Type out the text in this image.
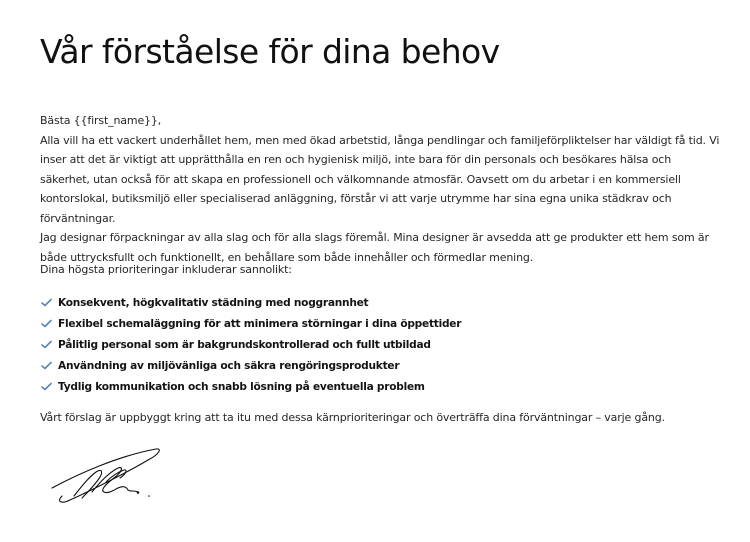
Vår förståelse för dina behov

Bästa {{first_name}},

Alla vill ha ett vackert underhållet hem, men med ökad arbetstid, långa pendlingar och familjeförpliktelser har väldigt få tid. Vi inser att det är viktigt att upprätthålla en ren och hygienisk miljö, inte bara för din personals och besökares hälsa och säkerhet, utan också för att skapa en professionell och välkomnande atmosfär. Oavsett om du arbetar i en kommersiell kontorslokal, butiksmiljö eller specialiserad anläggning, förstår vi att varje utrymme har sina egna unika städkrav och förväntningar.

Jag designar förpackningar av alla slag och för alla slags föremål. Mina designer är avsedda att ge produkter ett hem som är både uttrycksfullt och funktionellt, en behållare som både innehåller och förmedlar mening.

Dina högsta prioriteringar inkluderar sannolikt:

Konsekvent, högkvalitativ städning med noggrannhet
Flexibel schemaläggning för att minimera störningar i dina öppettider
Pålitlig personal som är bakgrundskontrollerad och fullt utbildad
Användning av miljövänliga och säkra rengöringsprodukter
Tydlig kommunikation och snabb lösning på eventuella problem

Vårt förslag är uppbyggt kring att ta itu med dessa kärnprioriteringar och överträffa dina förväntningar – varje gång.
